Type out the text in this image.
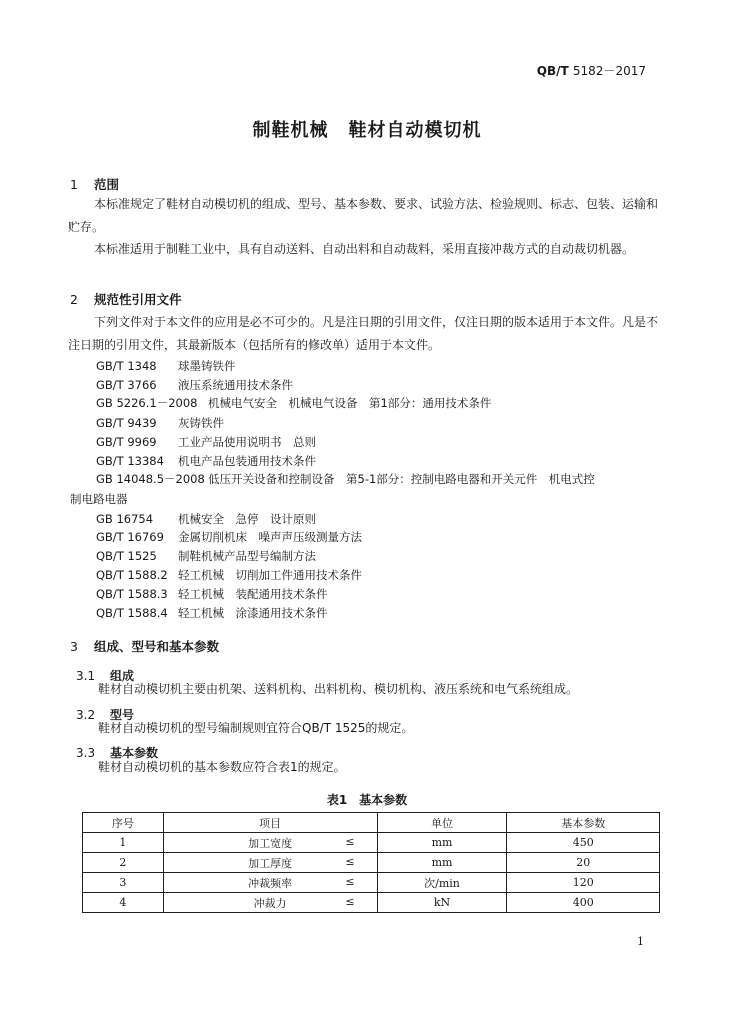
QB/T 5182－2017
制鞋机械 鞋材自动模切机
1 范围
本标准规定了鞋材自动模切机的组成、型号、基本参数、要求、试验方法、检验规则、标志、包装、运输和贮存。
本标准适用于制鞋工业中，具有自动送料、自动出料和自动裁料，采用直接冲裁方式的自动裁切机器。
2 规范性引用文件
下列文件对于本文件的应用是必不可少的。凡是注日期的引用文件，仅注日期的版本适用于本文件。凡是不注日期的引用文件，其最新版本（包括所有的修改单）适用于本文件。
GB/T 1348 球墨铸铁件
GB/T 3766 液压系统通用技术条件
GB 5226.1－2008 机械电气安全　机械电气设备　第1部分：通用技术条件
GB/T 9439 灰铸铁件
GB/T 9969 工业产品使用说明书　总则
GB/T 13384 机电产品包装通用技术条件
GB 14048.5－2008 低压开关设备和控制设备　第5-1部分：控制电路电器和开关元件　机电式控
制电路电器
GB 16754 机械安全　急停　设计原则
GB/T 16769 金属切削机床　噪声声压级测量方法
QB/T 1525 制鞋机械产品型号编制方法
QB/T 1588.2 轻工机械　切削加工件通用技术条件
QB/T 1588.3 轻工机械　装配通用技术条件
QB/T 1588.4 轻工机械　涂漆通用技术条件
3 组成、型号和基本参数
3.1 组成
鞋材自动模切机主要由机架、送料机构、出料机构、模切机构、液压系统和电气系统组成。
3.2 型号
鞋材自动模切机的型号编制规则宜符合QB/T 1525的规定。
3.3 基本参数
鞋材自动模切机的基本参数应符合表1的规定。
表1　基本参数
序号	项目	单位	基本参数
1	加工宽度 ≤	mm	450
2	加工厚度 ≤	mm	20
3	冲裁频率 ≤	次/min	120
4	冲裁力 ≤	kN	400
1
